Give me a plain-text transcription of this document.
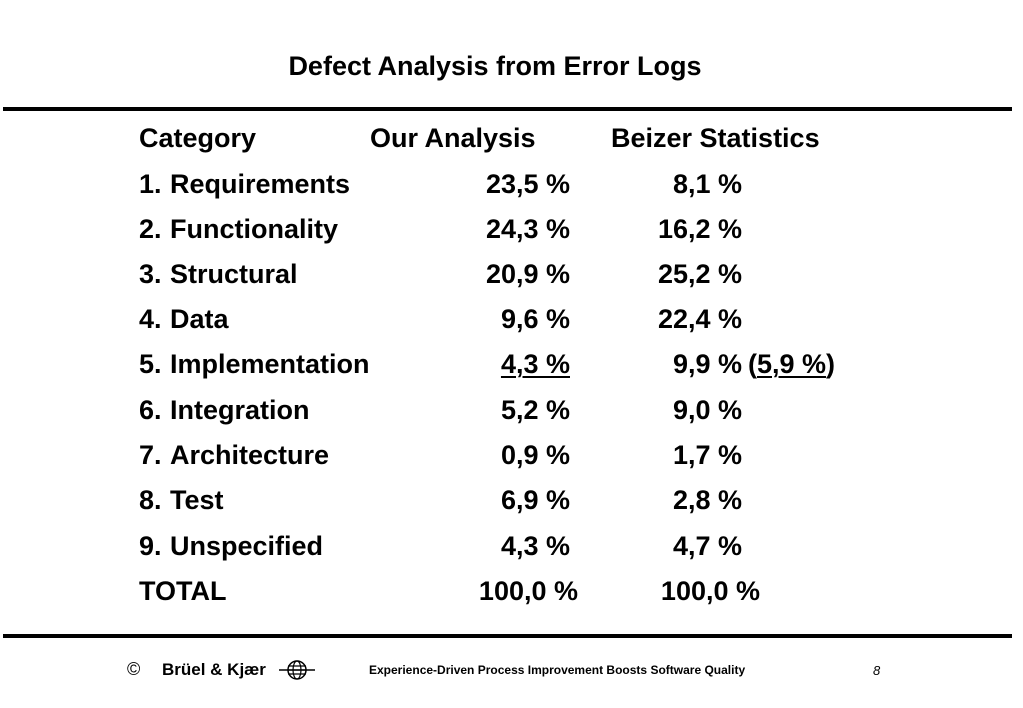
Defect Analysis from Error Logs
Category	Our Analysis	Beizer Statistics
1. Requirements	23,5 %	8,1 %
2. Functionality	24,3 %	16,2 %
3. Structural	20,9 %	25,2 %
4. Data	9,6 %	22,4 %
5. Implementation	4,3 %	9,9 % (5,9 %)
6. Integration	5,2 %	9,0 %
7. Architecture	0,9 %	1,7 %
8. Test	6,9 %	2,8 %
9. Unspecified	4,3 %	4,7 %
TOTAL	100,0 %	100,0 %
© Brüel & Kjær	Experience-Driven Process Improvement Boosts Software Quality	8
